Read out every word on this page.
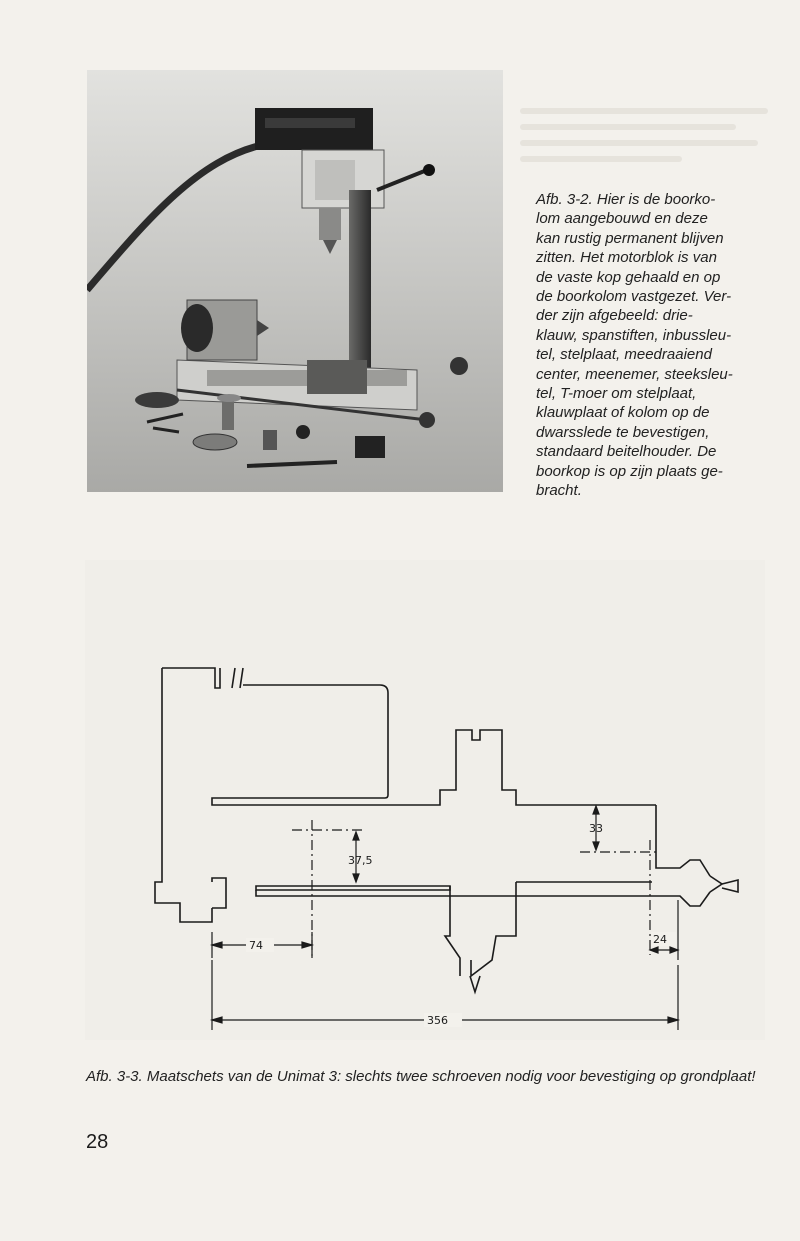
Afb. 3-2. Hier is de boorko-
lom aangebouwd en deze
kan rustig permanent blijven
zitten. Het motorblok is van
de vaste kop gehaald en op
de boorkolom vastgezet. Ver-
der zijn afgebeeld: drie-
klauw, spanstiften, inbussleu-
tel, stelplaat, meedraaiend
center, meenemer, steeksleu-
tel, T-moer om stelplaat,
klauwplaat of kolom op de
dwarsslede te bevestigen,
standaard beitelhouder. De
boorkop is op zijn plaats ge-
bracht.
33
37,5
74	24
356
Afb. 3-3. Maatschets van de Unimat 3: slechts twee schroeven nodig voor bevestiging op grondplaat!
28
